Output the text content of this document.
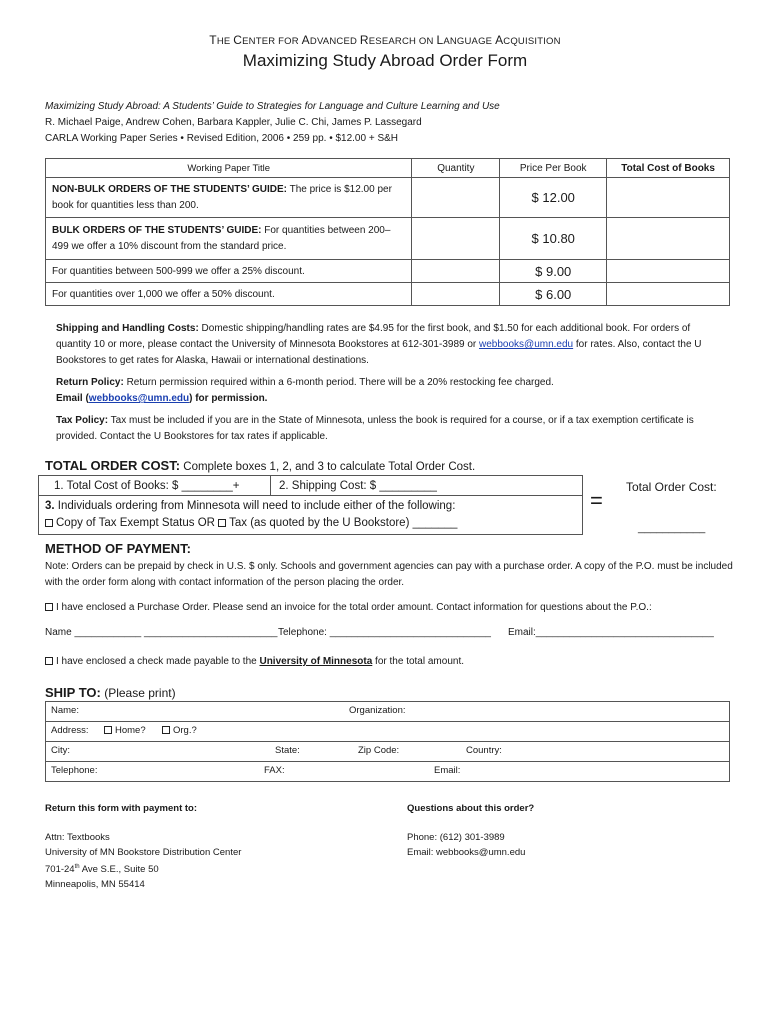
THE CENTER FOR ADVANCED RESEARCH ON LANGUAGE ACQUISITION
Maximizing Study Abroad Order Form
Maximizing Study Abroad: A Students’ Guide to Strategies for Language and Culture Learning and Use
R. Michael Paige, Andrew Cohen, Barbara Kappler, Julie C. Chi, James P. Lassegard
CARLA Working Paper Series • Revised Edition, 2006 • 259 pp. • $12.00 + S&H
Working Paper Title	Quantity	Price Per Book	Total Cost of Books
NON-BULK ORDERS OF THE STUDENTS’ GUIDE: The price is $12.00 per book for quantities less than 200.		$ 12.00	
BULK ORDERS OF THE STUDENTS’ GUIDE: For quantities between 200–499 we offer a 10% discount from the standard price.		$ 10.80	
For quantities between 500-999 we offer a 25% discount.		$ 9.00	
For quantities over 1,000 we offer a 50% discount.		$ 6.00	
Shipping and Handling Costs: Domestic shipping/handling rates are $4.95 for the first book, and $1.50 for each additional book. For orders of quantity 10 or more, please contact the University of Minnesota Bookstores at 612-301-3989 or webbooks@umn.edu for rates. Also, contact the U Bookstores to get rates for Alaska, Hawaii or international destinations.
Return Policy: Return permission required within a 6-month period. There will be a 20% restocking fee charged.
Email (webbooks@umn.edu) for permission.
Tax Policy: Tax must be included if you are in the State of Minnesota, unless the book is required for a course, or if a tax exemption certificate is provided. Contact the U Bookstores for tax rates if applicable.
TOTAL ORDER COST: Complete boxes 1, 2, and 3 to calculate Total Order Cost.
1. Total Cost of Books: $ ________+	2. Shipping Cost: $ _________
3. Individuals ordering from Minnesota will need to include either of the following:
Copy of Tax Exempt Status OR Tax (as quoted by the U Bookstore) _______
=
Total Order Cost:
___________
METHOD OF PAYMENT:
Note: Orders can be prepaid by check in U.S. $ only. Schools and government agencies can pay with a purchase order. A copy of the P.O. must be included with the order form along with contact information of the person placing the order.
I have enclosed a Purchase Order. Please send an invoice for the total order amount. Contact information for questions about the P.O.:
Name ____________ ________________________ Telephone: _____________________________ Email:________________________________
I have enclosed a check made payable to the University of Minnesota for the total amount.
SHIP TO: (Please print)
Name:	Organization:

Address:	Home?	Org.?

City:	State:	Zip Code:	Country:

Telephone:	FAX:	Email:
Return this form with payment to:
Attn: Textbooks
University of MN Bookstore Distribution Center
701-24th Ave S.E., Suite 50
Minneapolis, MN 55414
Questions about this order?
Phone: (612) 301-3989
Email: webbooks@umn.edu
